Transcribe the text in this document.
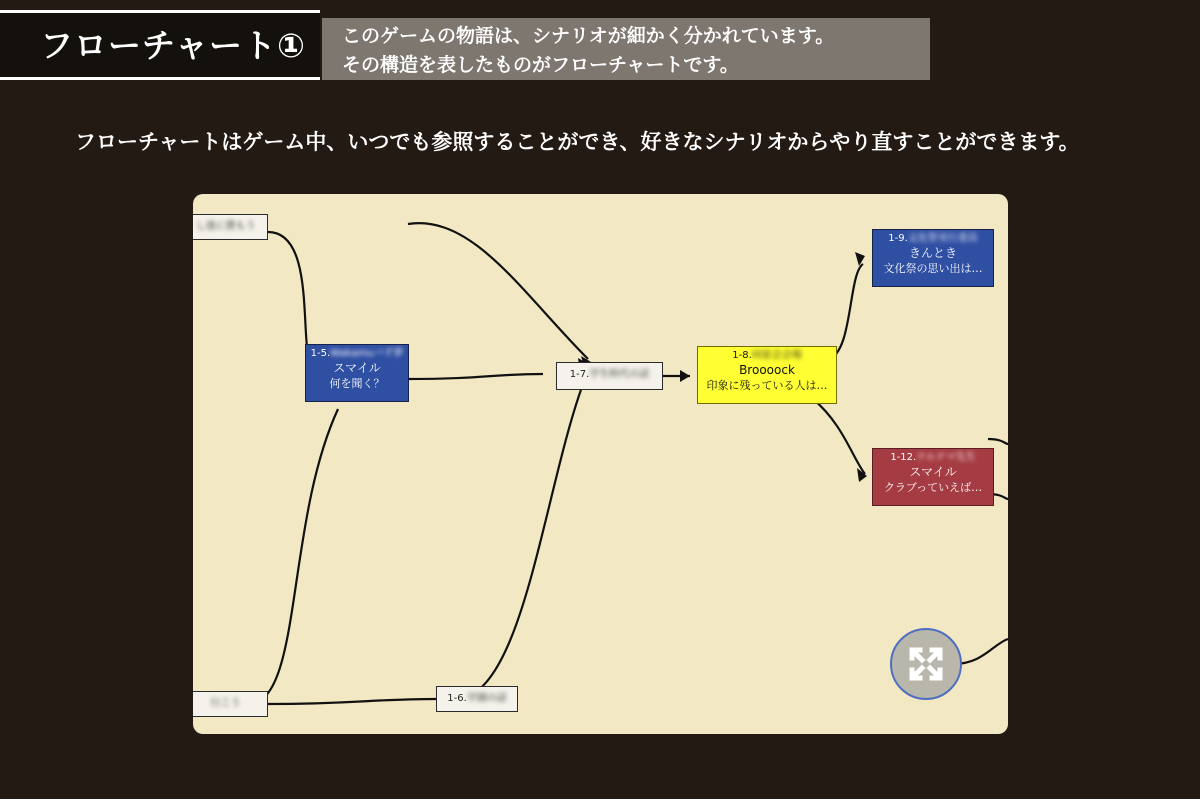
フローチャート①	このゲームの物語は、シナリオが細かく分かれています。
その構造を表したものがフローチャートです。
フローチャートはゲーム中、いつでも参照することができ、好きなシナリオからやり直すことができます。
し達に費もう
行こう
1-5.Wakamuバず夢
スマイル
何を聞く？
1-6.学園の話
1-7.学生時代の話
1-8.同窓会会場
Broooock
印象に残っている人は…
1-9.文化祭実行委員
きんとき
文化祭の思い出は…
1-12.ナルナマ先生
スマイル
クラブっていえば…
